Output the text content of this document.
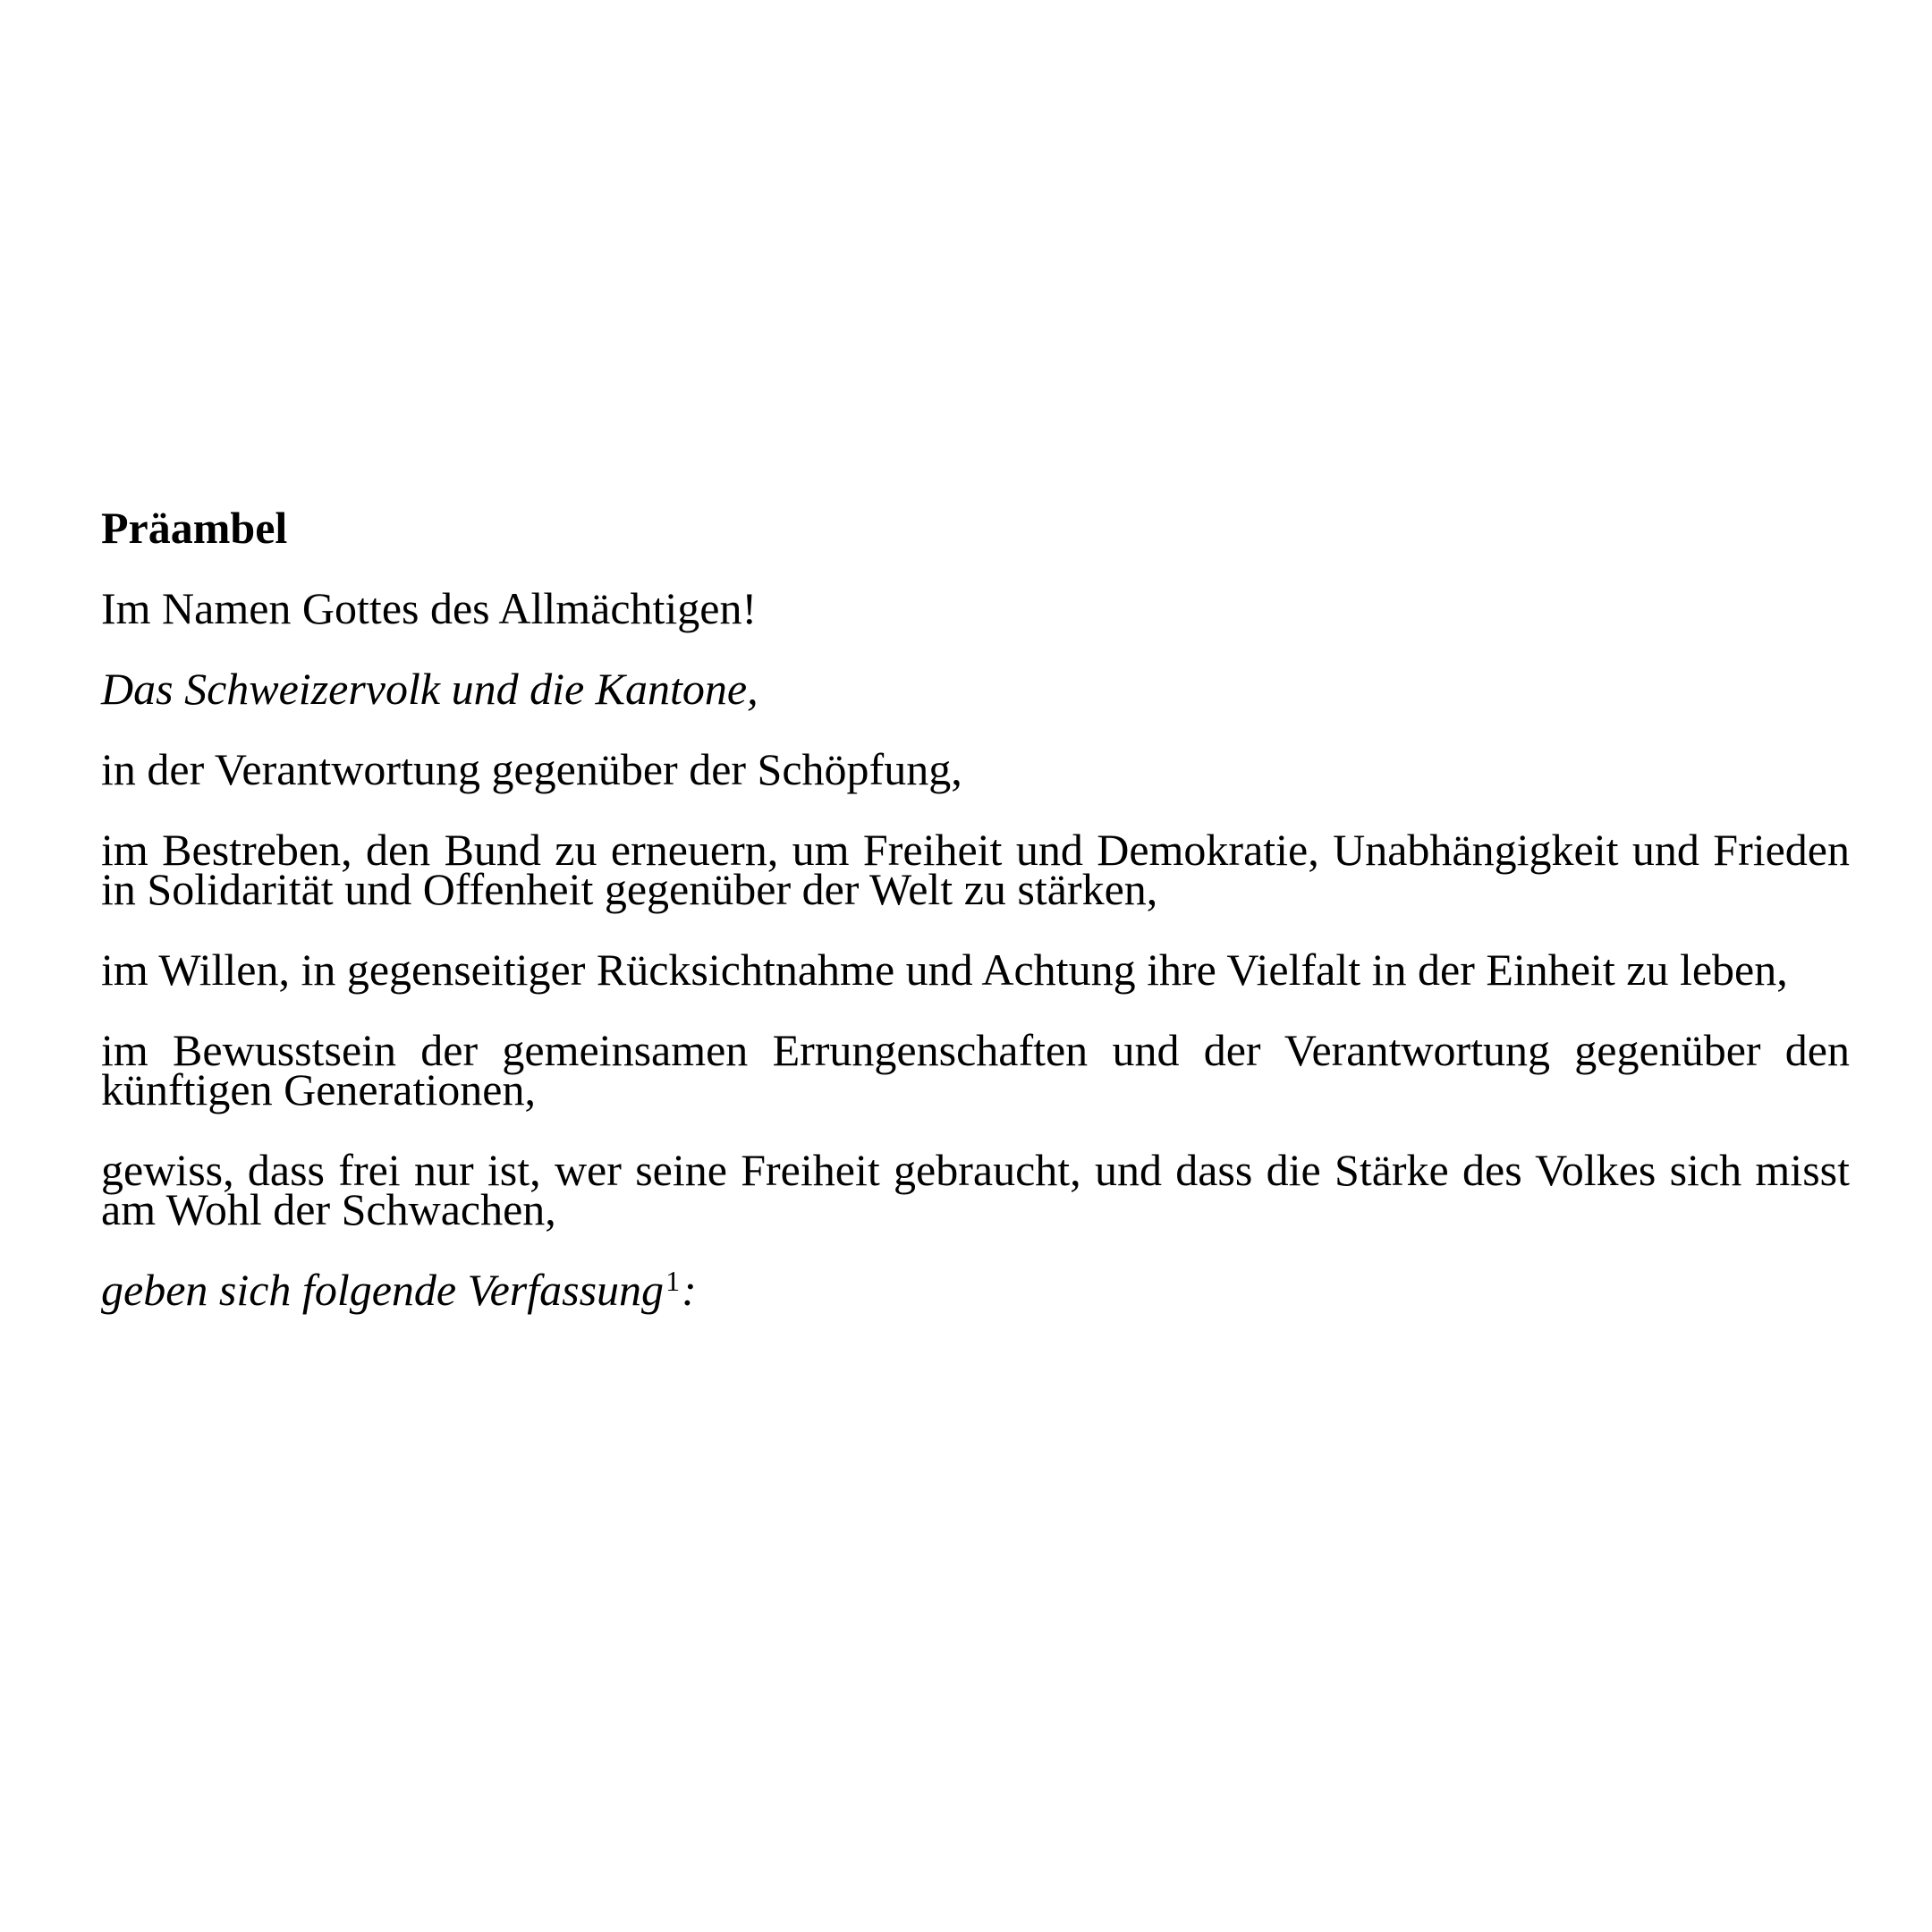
Präambel

Im Namen Gottes des Allmächtigen!

Das Schweizervolk und die Kantone,

in der Verantwortung gegenüber der Schöpfung,

im Bestreben, den Bund zu erneuern, um Freiheit und Demokratie, Unabhängigkeit und Frieden in Solidarität und Offenheit gegenüber der Welt zu stärken,

im Willen, in gegenseitiger Rücksichtnahme und Achtung ihre Vielfalt in der Einheit zu leben,

im Bewusstsein der gemeinsamen Errungenschaften und der Verantwortung gegenüber den künftigen Generationen,

gewiss, dass frei nur ist, wer seine Freiheit gebraucht, und dass die Stärke des Volkes sich misst am Wohl der Schwachen,

geben sich folgende Verfassung$^1$:
